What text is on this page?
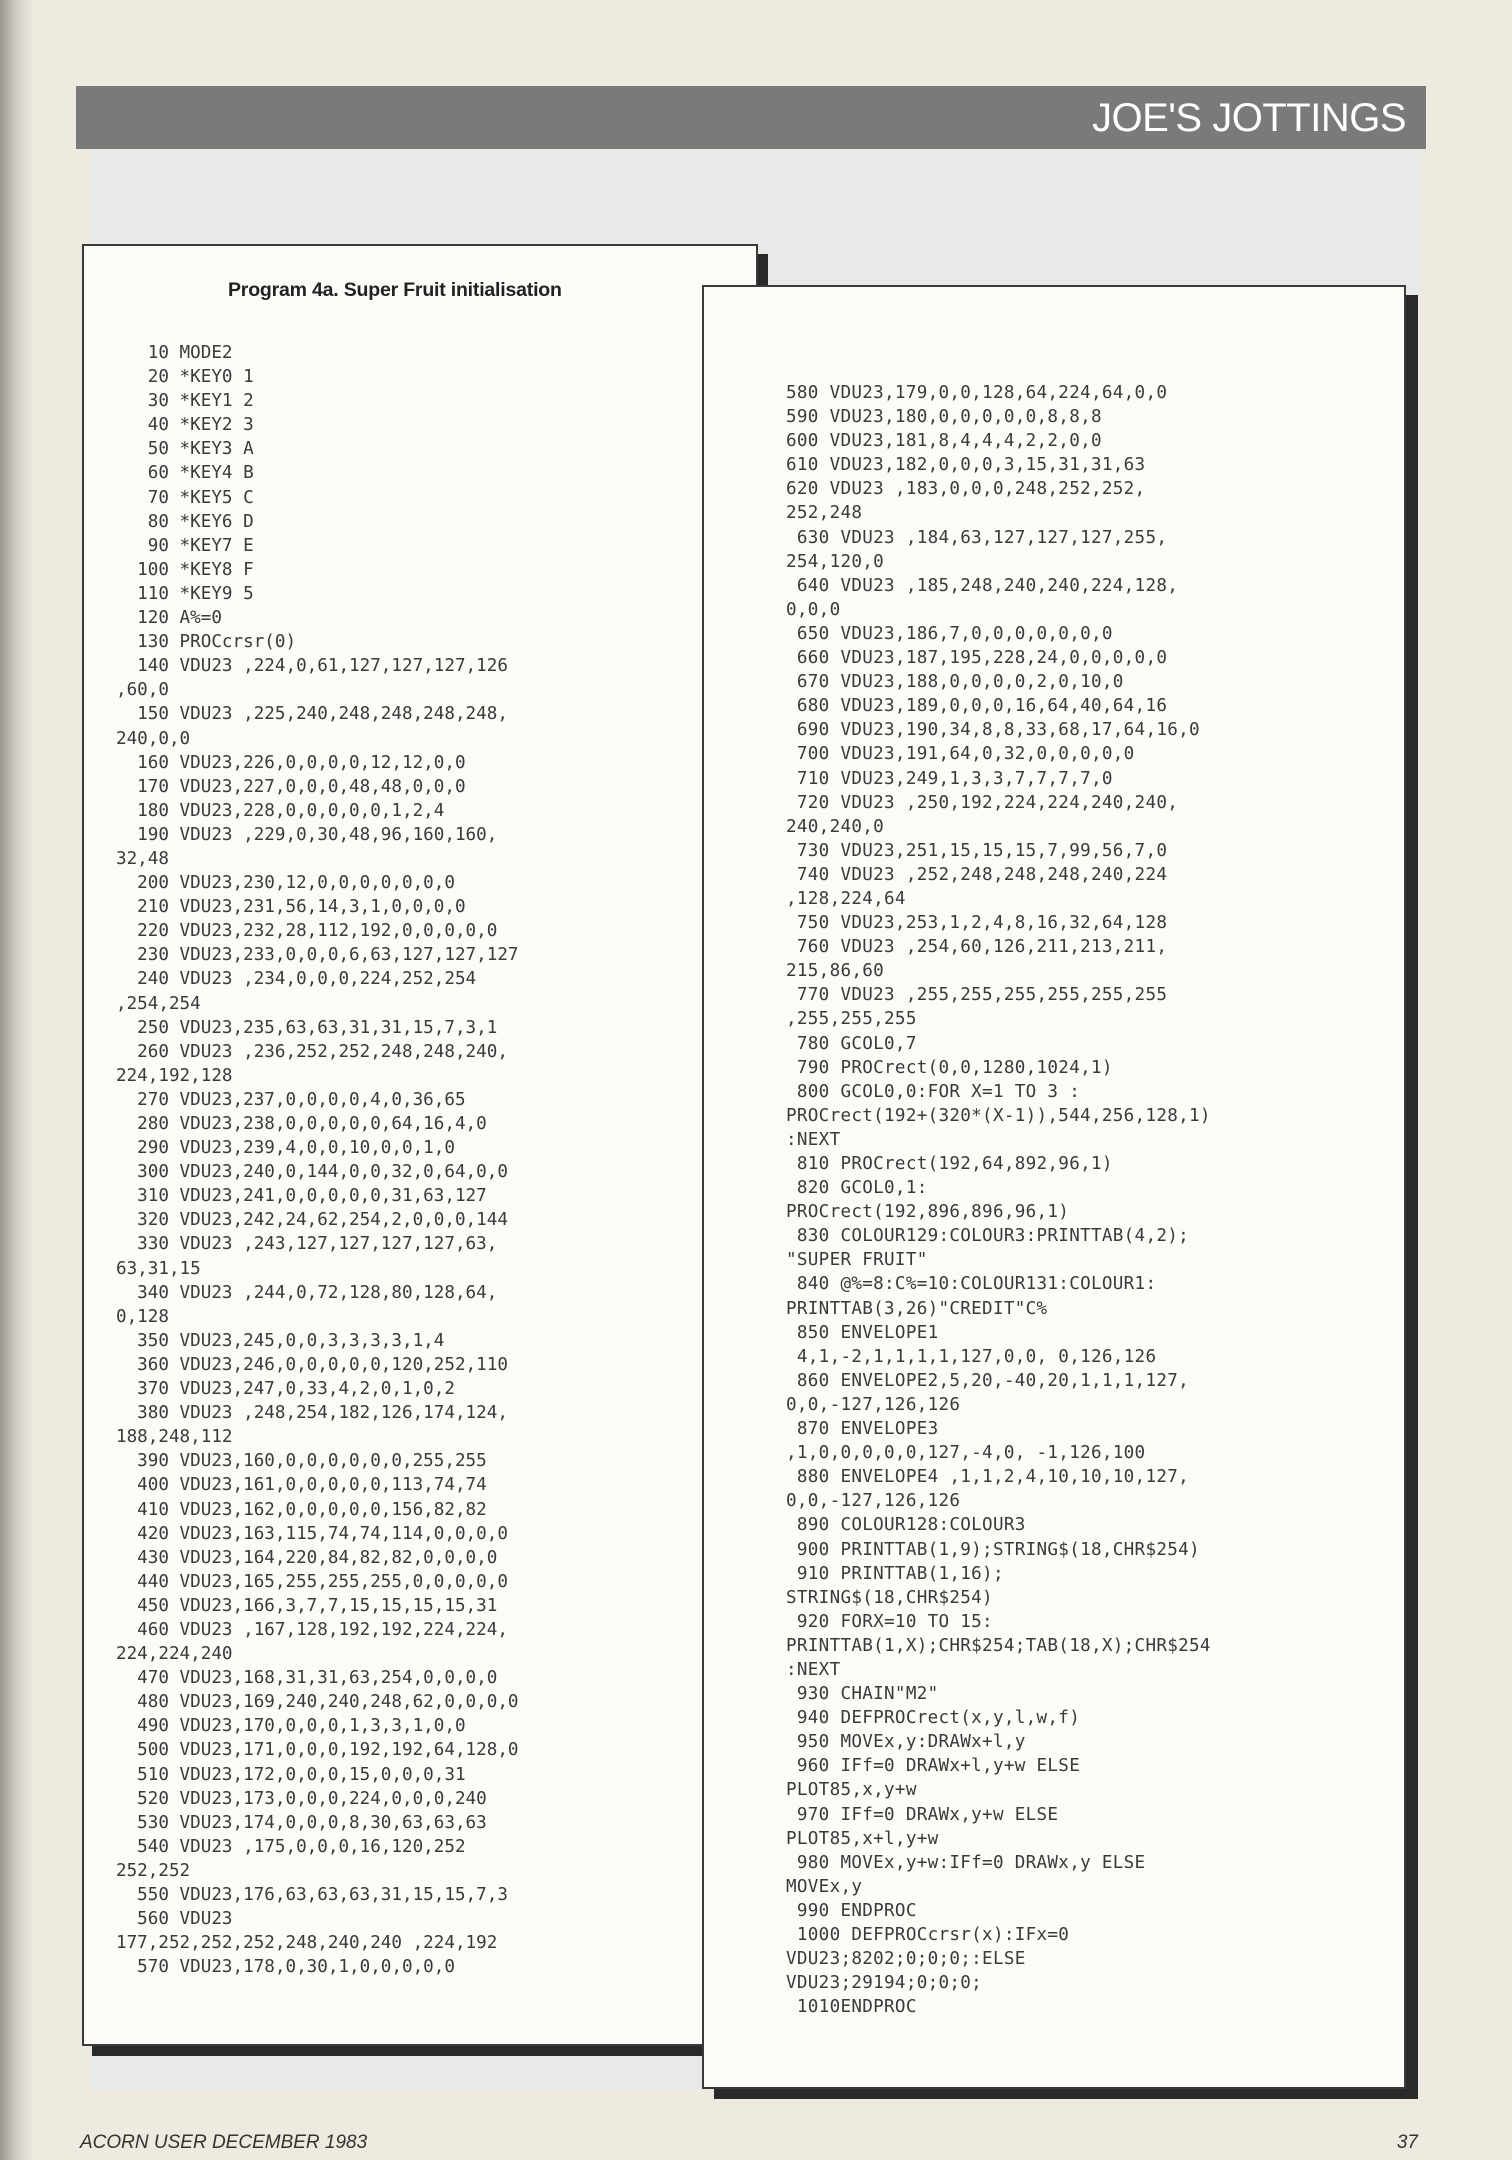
JOE'S JOTTINGS
Program 4a. Super Fruit initialisation
10 MODE2
20 *KEY0 1
30 *KEY1 2
40 *KEY2 3
50 *KEY3 A
60 *KEY4 B
70 *KEY5 C
80 *KEY6 D
90 *KEY7 E
100 *KEY8 F
110 *KEY9 5
120 A%=0
130 PROCcrsr(0)
140 VDU23 ,224,0,61,127,127,127,126
,60,0
150 VDU23 ,225,240,248,248,248,248,
240,0,0
160 VDU23,226,0,0,0,0,12,12,0,0
170 VDU23,227,0,0,0,48,48,0,0,0
180 VDU23,228,0,0,0,0,0,1,2,4
190 VDU23 ,229,0,30,48,96,160,160,
32,48
200 VDU23,230,12,0,0,0,0,0,0,0
210 VDU23,231,56,14,3,1,0,0,0,0
220 VDU23,232,28,112,192,0,0,0,0,0
230 VDU23,233,0,0,0,6,63,127,127,127
240 VDU23 ,234,0,0,0,224,252,254
,254,254
250 VDU23,235,63,63,31,31,15,7,3,1
260 VDU23 ,236,252,252,248,248,240,
224,192,128
270 VDU23,237,0,0,0,0,4,0,36,65
280 VDU23,238,0,0,0,0,0,64,16,4,0
290 VDU23,239,4,0,0,10,0,0,1,0
300 VDU23,240,0,144,0,0,32,0,64,0,0
310 VDU23,241,0,0,0,0,0,31,63,127
320 VDU23,242,24,62,254,2,0,0,0,144
330 VDU23 ,243,127,127,127,127,63,
63,31,15
340 VDU23 ,244,0,72,128,80,128,64,
0,128
350 VDU23,245,0,0,3,3,3,3,1,4
360 VDU23,246,0,0,0,0,0,120,252,110
370 VDU23,247,0,33,4,2,0,1,0,2
380 VDU23 ,248,254,182,126,174,124,
188,248,112
390 VDU23,160,0,0,0,0,0,0,255,255
400 VDU23,161,0,0,0,0,0,113,74,74
410 VDU23,162,0,0,0,0,0,156,82,82
420 VDU23,163,115,74,74,114,0,0,0,0
430 VDU23,164,220,84,82,82,0,0,0,0
440 VDU23,165,255,255,255,0,0,0,0,0
450 VDU23,166,3,7,7,15,15,15,15,31
460 VDU23 ,167,128,192,192,224,224,
224,224,240
470 VDU23,168,31,31,63,254,0,0,0,0
480 VDU23,169,240,240,248,62,0,0,0,0
490 VDU23,170,0,0,0,1,3,3,1,0,0
500 VDU23,171,0,0,0,192,192,64,128,0
510 VDU23,172,0,0,0,15,0,0,0,31
520 VDU23,173,0,0,0,224,0,0,0,240
530 VDU23,174,0,0,0,8,30,63,63,63
540 VDU23 ,175,0,0,0,16,120,252
252,252
550 VDU23,176,63,63,63,31,15,15,7,3
560 VDU23
177,252,252,252,248,240,240 ,224,192
570 VDU23,178,0,30,1,0,0,0,0,0
580 VDU23,179,0,0,128,64,224,64,0,0
590 VDU23,180,0,0,0,0,0,8,8,8
600 VDU23,181,8,4,4,4,2,2,0,0
610 VDU23,182,0,0,0,3,15,31,31,63
620 VDU23 ,183,0,0,0,248,252,252,
252,248
630 VDU23 ,184,63,127,127,127,255,
254,120,0
640 VDU23 ,185,248,240,240,224,128,
0,0,0
650 VDU23,186,7,0,0,0,0,0,0,0
660 VDU23,187,195,228,24,0,0,0,0,0
670 VDU23,188,0,0,0,0,2,0,10,0
680 VDU23,189,0,0,0,16,64,40,64,16
690 VDU23,190,34,8,8,33,68,17,64,16,0
700 VDU23,191,64,0,32,0,0,0,0,0
710 VDU23,249,1,3,3,7,7,7,7,0
720 VDU23 ,250,192,224,224,240,240,
240,240,0
730 VDU23,251,15,15,15,7,99,56,7,0
740 VDU23 ,252,248,248,248,240,224
,128,224,64
750 VDU23,253,1,2,4,8,16,32,64,128
760 VDU23 ,254,60,126,211,213,211,
215,86,60
770 VDU23 ,255,255,255,255,255,255
,255,255,255
780 GCOL0,7
790 PROCrect(0,0,1280,1024,1)
800 GCOL0,0:FOR X=1 TO 3 :
PROCrect(192+(320*(X-1)),544,256,128,1)
:NEXT
810 PROCrect(192,64,892,96,1)
820 GCOL0,1:
PROCrect(192,896,896,96,1)
830 COLOUR129:COLOUR3:PRINTTAB(4,2);
"SUPER FRUIT"
840 @%=8:C%=10:COLOUR131:COLOUR1:
PRINTTAB(3,26)"CREDIT"C%
850 ENVELOPE1
4,1,-2,1,1,1,1,127,0,0, 0,126,126
860 ENVELOPE2,5,20,-40,20,1,1,1,127,
0,0,-127,126,126
870 ENVELOPE3
,1,0,0,0,0,0,127,-4,0, -1,126,100
880 ENVELOPE4 ,1,1,2,4,10,10,10,127,
0,0,-127,126,126
890 COLOUR128:COLOUR3
900 PRINTTAB(1,9);STRING$(18,CHR$254)
910 PRINTTAB(1,16);
STRING$(18,CHR$254)
920 FORX=10 TO 15:
PRINTTAB(1,X);CHR$254;TAB(18,X);CHR$254
:NEXT
930 CHAIN"M2"
940 DEFPROCrect(x,y,l,w,f)
950 MOVEx,y:DRAWx+l,y
960 IFf=0 DRAWx+l,y+w ELSE
PLOT85,x,y+w
970 IFf=0 DRAWx,y+w ELSE
PLOT85,x+l,y+w
980 MOVEx,y+w:IFf=0 DRAWx,y ELSE
MOVEx,y
990 ENDPROC
1000 DEFPROCcrsr(x):IFx=0
VDU23;8202;0;0;0;:ELSE
VDU23;29194;0;0;0;
1010ENDPROC
ACORN USER DECEMBER 1983	37
